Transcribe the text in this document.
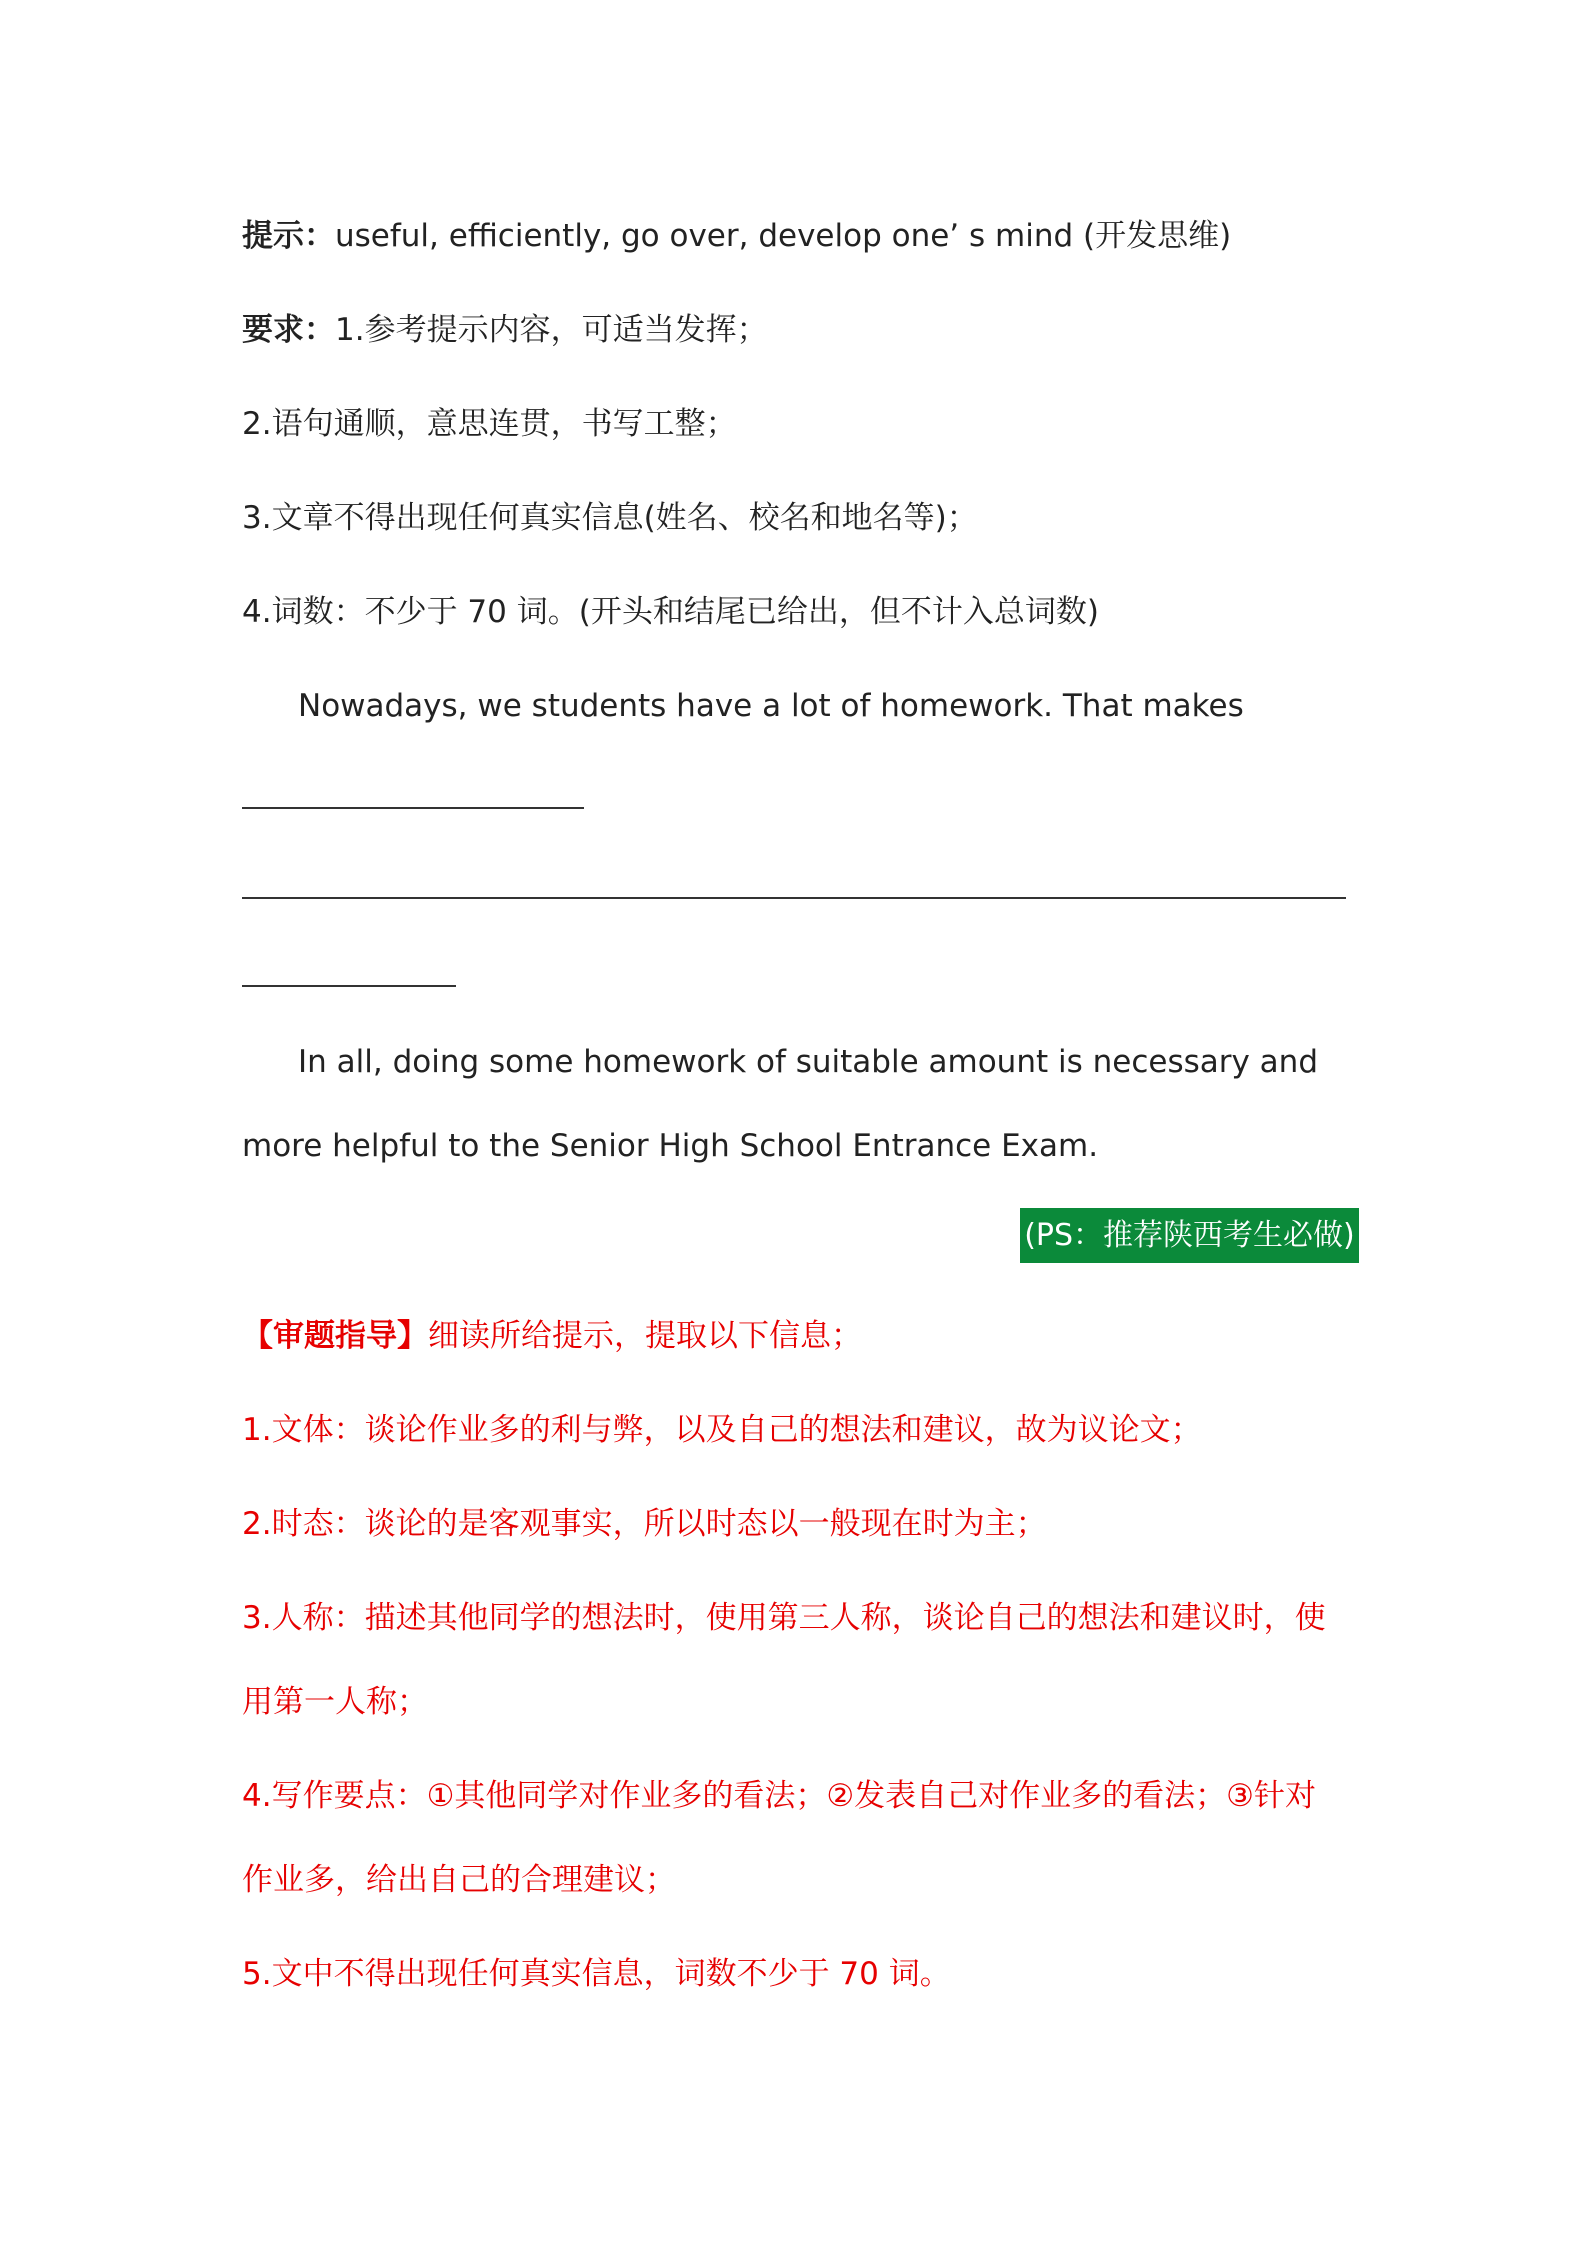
提示：useful, efficiently, go over, develop one’ s mind (开发思维)
要求：1.参考提示内容，可适当发挥；
2.语句通顺，意思连贯，书写工整；
3.文章不得出现任何真实信息(姓名、校名和地名等)；
4.词数：不少于 70 词。(开头和结尾已给出，但不计入总词数)
Nowadays, we students have a lot of homework. That makes
In all, doing some homework of suitable amount is necessary and
more helpful to the Senior High School Entrance Exam.
(PS：推荐陕西考生必做)
【审题指导】细读所给提示，提取以下信息；
1.文体：谈论作业多的利与弊，以及自己的想法和建议，故为议论文；
2.时态：谈论的是客观事实，所以时态以一般现在时为主；
3.人称：描述其他同学的想法时，使用第三人称，谈论自己的想法和建议时，使
用第一人称；
4.写作要点：①其他同学对作业多的看法；②发表自己对作业多的看法；③针对
作业多，给出自己的合理建议；
5.文中不得出现任何真实信息，词数不少于 70 词。
